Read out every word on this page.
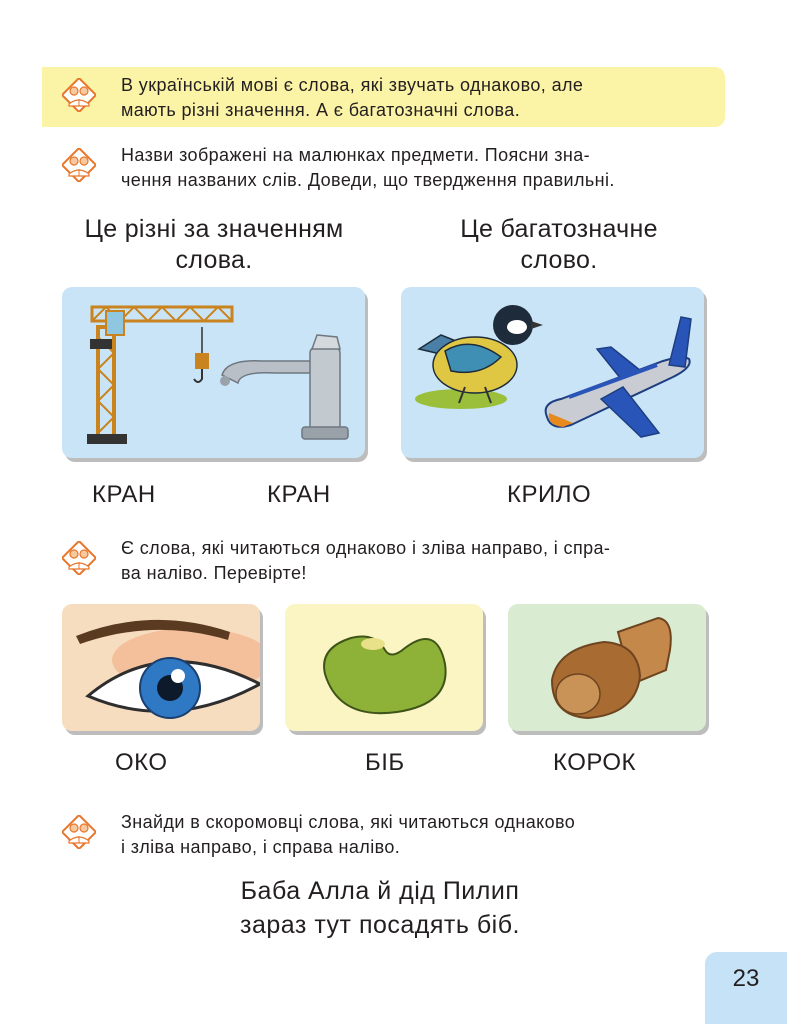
В українській мові є слова, які звучать однаково, але
мають різні значення. А є багатозначні слова.
Назви зображені на малюнках предмети. Поясни зна-
чення названих слів. Доведи, що твердження правильні.
Це різні за значенням
слова.
Це багатозначне
слово.
КРАН	КРАН	КРИЛО
Є слова, які читаються однаково і зліва направо, і спра-
ва наліво. Перевірте!
ОКО	БІБ	КОРОК
Знайди в скоромовці слова, які читаються однаково
і зліва направо, і справа наліво.
Баба Алла й дід Пилип
зараз тут посадять біб.
23
